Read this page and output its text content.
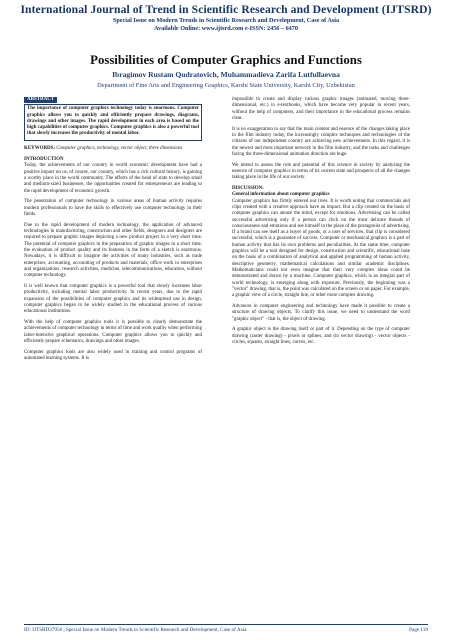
International Journal of Trend in Scientific Research and Development (IJTSRD)
Special Issue on Modern Trends in Scientific Research and Development, Case of Asia
Available Online: www.ijtsrd.com e-ISSN: 2456 – 6470
Possibilities of Computer Graphics and Functions
Ibragimov Rustam Qudratovich, Muhammadieva Zarifa Lutfullaevna
Department of Fine Arts and Engineering Graphics, Karshi State University, Karshi City, Uzbekistan
ABSTRACT
The importance of computer graphics technology today is enormous. Computer graphics allows you to quickly and efficiently prepare drawings, diagrams, drawings and other images. The rapid development in each area is based on the high capabilities of computer graphics. Computer graphics is also a powerful tool that slowly increases the productivity of mental labor.
KEYWORDS: Computer graphics, technology, vector object, three dimensions
INTRODUCTION

Today, the achievements of our country in world economic development have had a positive impact on us, of course, our country, which has a rich cultural history, is gaining a worthy place in the world community. The efforts of the head of state to develop small and medium-sized businesses, the opportunities created for entrepreneurs are leading to the rapid development of economic growth.

The penetration of computer technology in various areas of human activity requires modern professionals to have the skills to effectively use computer technology in their fields.

Due to the rapid development of modern technology, the application of advanced technologies in manufacturing, construction and other fields, designers and designers are required to prepare graphic images depicting a new product project in a very short time. The potential of computer graphics in the preparation of graphic images in a short time, the evaluation of product quality and its features in the form of a sketch is enormous. Nowadays, it is difficult to imagine the activities of many industries, such as trade enterprises, accounting, accounting of products and materials, office work in enterprises and organizations, research activities, medicine, telecommunications, education, without computer technology.

It is well known that computer graphics is a powerful tool that slowly increases labor productivity, including mental labor productivity. In recent years, due to the rapid expansion of the possibilities of computer graphics and its widespread use in design, computer graphics began to be widely studied in the educational process of various educational institutions.

With the help of computer graphics tools it is possible to clearly demonstrate the achievements of computer technology in terms of time and work quality when performing labor-intensive graphical operations. Computer graphics allows you to quickly and efficiently prepare schematics, drawings and other images.

Computer graphics tools are also widely used in training and control programs of automated learning systems. It is

impossible to create and display various graphic images (animated, moving three-dimensional, etc.) in e-textbooks, which have become very popular in recent years, without the help of computers, and their importance in the educational process remains clear.

It is no exaggeration to say that the main content and essence of the changes taking place in the film industry today, the increasingly complex techniques and technologies of the citizens of our independent country are achieving new achievements. In this regard, it is the newest and most important network in the film industry, and the tasks and challenges facing the three-dimensional animation direction are huge.

We intend to assess the role and potential of this science in society by analyzing the essence of computer graphics in terms of its current state and prospects of all the changes taking place in the life of our society.

DISCUSSION:
General information about computer graphics

Computer graphics has firmly entered our lives. It is worth noting that commercials and clips created with a creative approach have an impact. But a clip created on the basis of computer graphics can amaze the mind, except for emotions. Advertising can be called successful advertising only if a person can click on the most delicate threads of consciousness and emotions and see himself in the place of the protagonist of advertising. If a brand can see itself as a buyer of goods, or a user of services, that clip is considered successful, which is a guarantee of success. Computer or mechanical graphics is a part of human activity that has its own problems and peculiarities. At the same time, computer graphics will be a tool designed for design, construction and scientific, educational base on the basis of a combination of analytical and applied programming of human activity, descriptive geometry, mathematical calculations and similar academic disciplines. Mathematicians could not even imagine that their very complex ideas could be demonstrated and drawn by a machine. Computer graphics, which is an integral part of world technology, is emerging along with exposure. Previously, the beginning was a "vector" drawing, that is, the point was calculated on the screen or on paper. For example, a graphic view of a circle, straight line, or other more complex drawing.

Advances in computer engineering and technology have made it possible to create a structure of drawing objects. To clarify this issue, we need to understand the word "graphic object" - that is, the object of drawing.

A graphic object is the drawing itself or part of it. Depending on the type of computer drawing (raster drawing) - pixels or splines, and (in vector drawing) - vector objects - circles, squares, straight lines, curves, etc.

ID: IJTSRD37956 | Special Issue on Modern Trends in Scientific Research and Development, Case of Asia	Page 118
